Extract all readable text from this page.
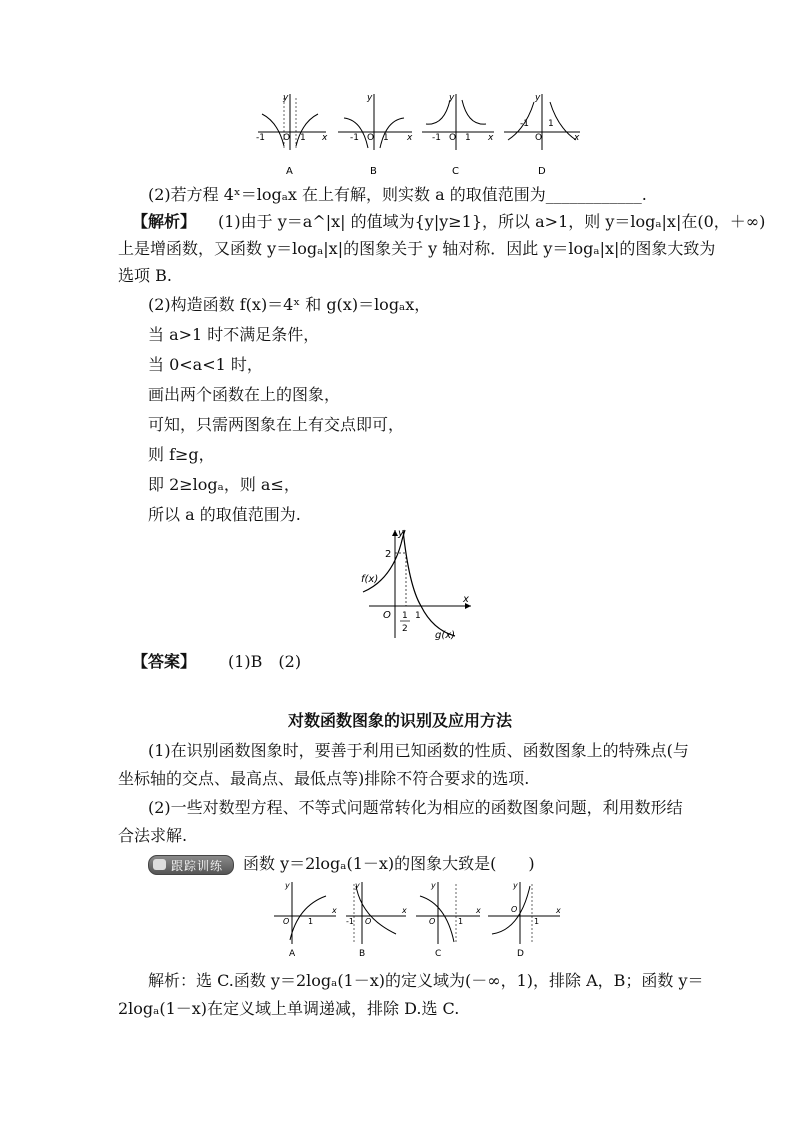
-1 O 1 x
y
A
-1 O 1 x
y
B
-1 O 1 x
y
C
-1
O
1
x
y
D
(2)若方程 4ˣ＝logₐx 在上有解，则实数 a 的取值范围为____________.
【解析】 (1)由于 y＝a^|x| 的值域为{y|y≥1}，所以 a>1，则 y＝logₐ|x|在(0，＋∞)
上是增函数，又函数 y＝logₐ|x|的图象关于 y 轴对称．因此 y＝logₐ|x|的图象大致为
选项 B.
(2)构造函数 f(x)＝4ˣ 和 g(x)＝logₐx，
当 a>1 时不满足条件，
当 0<a<1 时，
画出两个函数在上的图象，
可知，只需两图象在上有交点即可，
则 f≥g，
即 2≥logₐ，则 a≤，
所以 a 的取值范围为.
f(x)
g(x)
y
x
O
2
1
2
1
【答案】 (1)B　(2)
对数函数图象的识别及应用方法
(1)在识别函数图象时，要善于利用已知函数的性质、函数图象上的特殊点(与
坐标轴的交点、最高点、最低点等)排除不符合要求的选项.
(2)一些对数型方程、不等式问题常转化为相应的函数图象问题，利用数形结
合法求解.
跟踪训练 函数 y＝2logₐ(1－x)的图象大致是(　　)
O 1
x
y
A
-1 O
x
y
B
O	1
x
y
C
O
1
x
y
D
解析：选 C.函数 y＝2logₐ(1－x)的定义域为(－∞，1)，排除 A，B；函数 y＝
2logₐ(1－x)在定义域上单调递减，排除 D.选 C.
